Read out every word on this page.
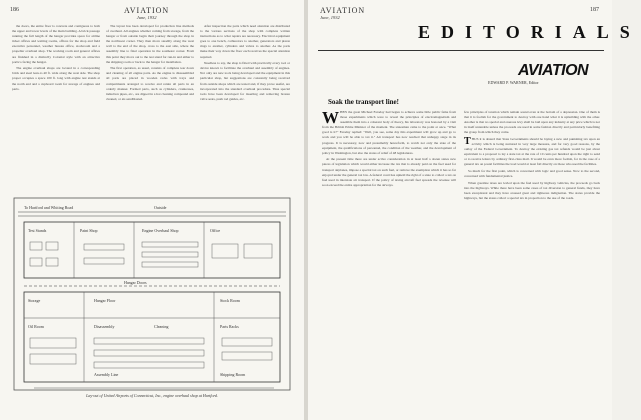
186	AVIATION
June, 1932

the doors, the entire floor is concrete and contiguous to both the upper and lower levels of the main building. A brick passage running the full length of the hangar provides space for airline ticket offices and waiting rooms, offices for the shop and field executive personnel, weather bureau office, stockroom and a propeller overhaul shop. The working room and general offices are finished in a distinctly Colonial style with an attractive portico facing the hangar.

The engine overhaul shops are located in a corresponding brick and steel lean-to 40 ft. wide along the west side. The shop proper occupies a space 100 ft. long with engine test stands at the north end and a cupboard room for storage of engines and parts.

The layout has been developed for production line methods of overhaul. All engines whether coming from storage, from the hangar or from outside begin their journey through the shop in the northwest corner. They then move steadily along the west wall to the end of the shop, cross to the east side, where the assembly line to final operation in the southeast corner. From this point they move out to the test stand for run-in and either to the shipping room or back to the hangar for installation.

The first operation, as usual, consists of complete tear down and cleaning of all engine parts. As the engine is disassembled all parts are placed in wooden racks with trays and compartments arranged to receive and retain all parts in an orderly manner. Formed parts, such as cylinders, crankcases, induction pipes, etc., are dipped in a hot cleaning compound and cleaned, or air-sandblasted.

After inspection the parts which need attention are distributed to the various sections of the shop with complete written instructions as to what repairs are necessary. Electrical equipment goes to one bench, carburetors to another, generators and piston rings to another, cylinders and valves to another. As the parts make their way down the floor each receives the special attention required.

Needless to say, the shop is fitted with practically every tool or device known to facilitate the overhaul and assembly of engines. Not only are new tools being developed and the equipment in this particular shop, but suggestions are constantly being received from outside shops which are tested and, if they prove useful, are incorporated into the standard overhaul procedure. Thus special tools have been developed for inserting and removing bronze valve seats, push rod guides, etc.

To Hartford and Whiting Road	Outside
Test Stands	Paint Shop	Engine Overhaul Shop	Office
Hangar Doors
Storage	Hangar Floor	Stock Room
Oil Room	Disassembly	Cleaning	Parts Racks
Assembly Line	Shipping Room
Lay-out of United Airports of Connecticut, Inc., engine overhaul shop at Hartford.
AVIATION
June, 1932
187
EDITORIALS
AVIATION
EDWARD P. WARNER, Editor
Soak the transport line!

WHEN the great Michael Faraday had begun to achieve some little public fame from those experiments which were to reveal the principles of electromagnetism and assemble them into a coherent body of theory, his laboratory was honored by a visit from the British Prime Minister of the moment. The statesman came to the point at once. "What good is it?" Faraday replied: "Well, you see, some day this experiment will grow up and go to work and you will be able to tax it." Air transport has now reached that unhappy stage in its progress. It is necessary, now and presumably henceforth, to watch not only the state of the equipment, the qualifications of personnel, the condition of the weather, and the development of policy in Washington, but also the states of relief of 48 legislatures.

At the present time there are under active consideration in at least half a dozen states new pieces of legislation which would either increase the tax that is already paid on the fuel used for transport airplanes, impose a special tax on such fuel, or remove the exemption which it has so far enjoyed under the general tax law. A federal court has upheld the right of a state to collect a tax on fuel used in interstate air transport. If the policy of taxing aircraft fuel spreads the revenue will soon exceed the entire appropriation for the airways.

few principles of taxation which remain sound even at the bottom of a depression. One of them is that it is foolish for the government to destroy with one hand what it is upbuilding with the other. Another is that no special and onerous levy shall be laid upon any industry at any price which is not in itself untenable unless the proceeds are used in some fashion directly and particularly benefiting the group from which they come.

THUS it is absurd that State Governments should be laying a new and punishing tax upon an activity which is being nurtured in very large measure, and for very good reasons, by the outlay of the Federal Government. To destroy the existing gas tax refunds would be just about equivalent to a proposal to lay a state tax at the rate of 10 cents per hundred upon the right to send or to receive letters by ordinary first-class mail. It would be even more foolish, for in the case of a general tax on postal facilities the load would at least fall directly on those who used the facilities.

So much for the first point, which is concerned with logic and good sense. Now to the second, concerned with fundamental justice.

When gasoline taxes are levied upon the fuel used by highway vehicles, the proceeds go back into the highways. While there have been some cases of tax diversion to general funds, they have been exceptional and they have aroused great and righteous indignation. The states provide the highways, but the states collect a special tax in proportion to the use of the roads.
